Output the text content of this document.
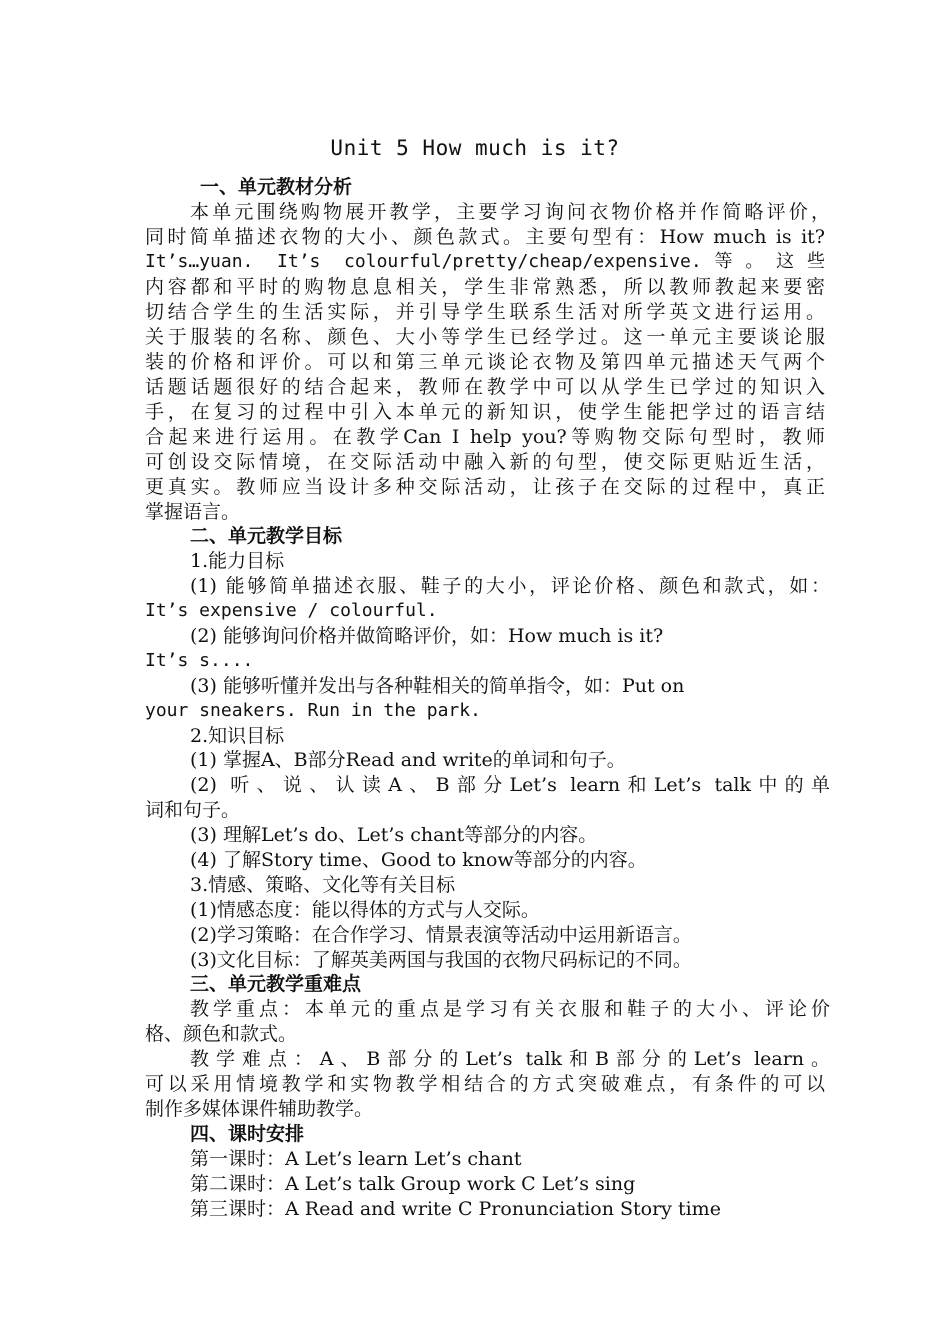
Unit 5 How much is it?
一、单元教材分析
本单元围绕购物展开教学，主要学习询问衣物价格并作简略评价，
同时简单描述衣物的大小、颜色款式。主要句型有：How much is it?
It’s…yuan. It’s colourful/pretty/cheap/expensive.等。这些
内容都和平时的购物息息相关，学生非常熟悉，所以教师教起来要密
切结合学生的生活实际，并引导学生联系生活对所学英文进行运用。
关于服装的名称、颜色、大小等学生已经学过。这一单元主要谈论服
装的价格和评价。可以和第三单元谈论衣物及第四单元描述天气两个
话题话题很好的结合起来，教师在教学中可以从学生已学过的知识入
手，在复习的过程中引入本单元的新知识，使学生能把学过的语言结
合起来进行运用。在教学Can I help you?等购物交际句型时，教师
可创设交际情境，在交际活动中融入新的句型，使交际更贴近生活，
更真实。教师应当设计多种交际活动，让孩子在交际的过程中，真正
掌握语言。
二、单元教学目标
1.能力目标
(1) 能够简单描述衣服、鞋子的大小，评论价格、颜色和款式，如：
It’s expensive / colourful.
(2) 能够询问价格并做简略评价，如：How much is it?
It’s s....
(3) 能够听懂并发出与各种鞋相关的简单指令，如：Put on
your sneakers. Run in the park.
2.知识目标
(1) 掌握A、B部分Read and write的单词和句子。
(2) 听、说、认读A、B部分Let’s learn和Let’s talk中的单
词和句子。
(3) 理解Let’s do、Let’s chant等部分的内容。
(4) 了解Story time、Good to know等部分的内容。
3.情感、策略、文化等有关目标
(1)情感态度：能以得体的方式与人交际。
(2)学习策略：在合作学习、情景表演等活动中运用新语言。
(3)文化目标：了解英美两国与我国的衣物尺码标记的不同。
三、单元教学重难点
教学重点：本单元的重点是学习有关衣服和鞋子的大小、评论价
格、颜色和款式。
教学难点：A、B部分的Let’s talk和B部分的Let’s learn。
可以采用情境教学和实物教学相结合的方式突破难点，有条件的可以
制作多媒体课件辅助教学。
四、课时安排
第一课时：A Let’s learn Let’s chant
第二课时：A Let’s talk Group work C Let’s sing
第三课时：A Read and write C Pronunciation Story time
